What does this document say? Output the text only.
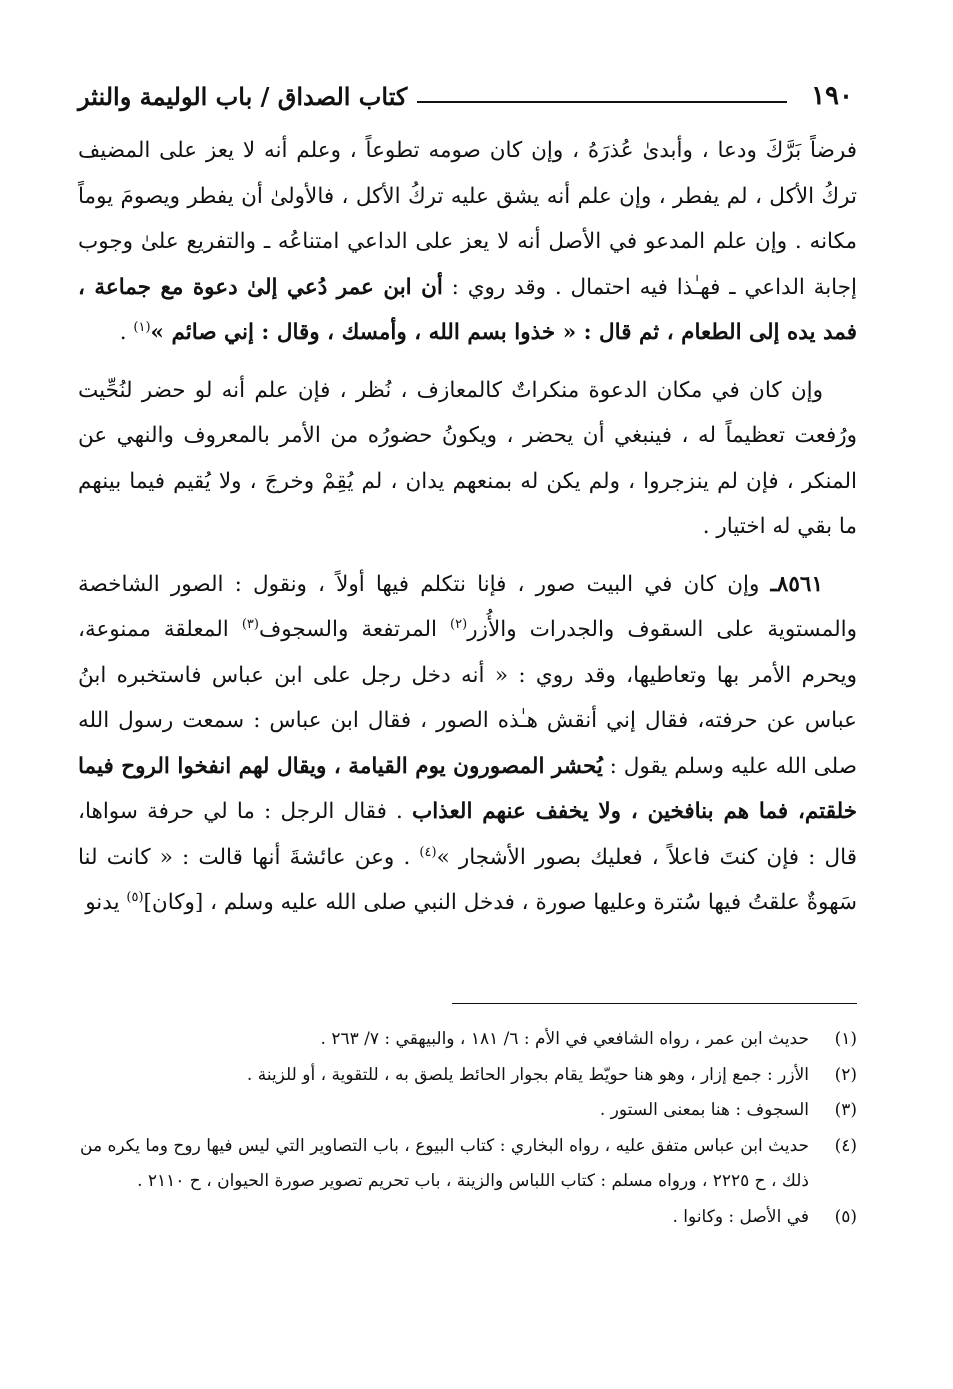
١٩٠
كتاب الصداق / باب الوليمة والنثر

فرضاً بَرَّكَ ودعا ، وأبدىٰ عُذرَهُ ، وإن كان صومه تطوعاً ، وعلم أنه لا يعز على المضيف تركُ الأكل ، لم يفطر ، وإن علم أنه يشق عليه تركُ الأكل ، فالأولىٰ أن يفطر ويصومَ يوماً مكانه . وإن علم المدعو في الأصل أنه لا يعز على الداعي امتناعُه ـ والتفريع علىٰ وجوب إجابة الداعي ـ فهـٰذا فيه احتمال . وقد روي : أن ابن عمر دُعي إلىٰ دعوة مع جماعة ، فمد يده إلى الطعام ، ثم قال : « خذوا بسم الله ، وأمسك ، وقال : إني صائم »$^{(١)}$ .

وإن كان في مكان الدعوة منكراتٌ كالمعازف ، نُظر ، فإن علم أنه لو حضر لنُحِّيت ورُفعت تعظيماً له ، فينبغي أن يحضر ، ويكونُ حضورُه من الأمر بالمعروف والنهي عن المنكر ، فإن لم ينزجروا ، ولم يكن له بمنعهم يدان ، لم يُقِمْ وخرجَ ، ولا يُقيم فيما بينهم ما بقي له اختيار .

٨٥٦١ـ وإن كان في البيت صور ، فإنا نتكلم فيها أولاً ، ونقول : الصور الشاخصة والمستوية على السقوف والجدرات والأُزر$^{(٢)}$ المرتفعة والسجوف$^{(٣)}$ المعلقة ممنوعة، ويحرم الأمر بها وتعاطيها، وقد روي : « أنه دخل رجل على ابن عباس فاستخبره ابنُ عباس عن حرفته، فقال إني أنقش هـٰذه الصور ، فقال ابن عباس : سمعت رسول الله صلى الله عليه وسلم يقول : يُحشر المصورون يوم القيامة ، ويقال لهم انفخوا الروح فيما خلقتم، فما هم بنافخين ، ولا يخفف عنهم العذاب . فقال الرجل : ما لي حرفة سواها، قال : فإن كنتَ فاعلاً ، فعليك بصور الأشجار »$^{(٤)}$ . وعن عائشةَ أنها قالت : « كانت لنا سَهوةٌ علقتُ فيها سُترة وعليها صورة ، فدخل النبي صلى الله عليه وسلم ، [وكان]$^{(٥)}$ يدنو

(١)
حديث ابن عمر ، رواه الشافعي في الأم : ٦/ ١٨١ ، والبيهقي : ٧/ ٢٦٣ .
(٢)
الأزر : جمع إزار ، وهو هنا حويّط يقام بجوار الحائط يلصق به ، للتقوية ، أو للزينة .
(٣)
السجوف : هنا بمعنى الستور .
(٤)
حديث ابن عباس متفق عليه ، رواه البخاري : كتاب البيوع ، باب التصاوير التي ليس فيها روح وما يكره من ذلك ، ح ٢٢٢٥ ، ورواه مسلم : كتاب اللباس والزينة ، باب تحريم تصوير صورة الحيوان ، ح ٢١١٠ .
(٥)
في الأصل : وكانوا .
